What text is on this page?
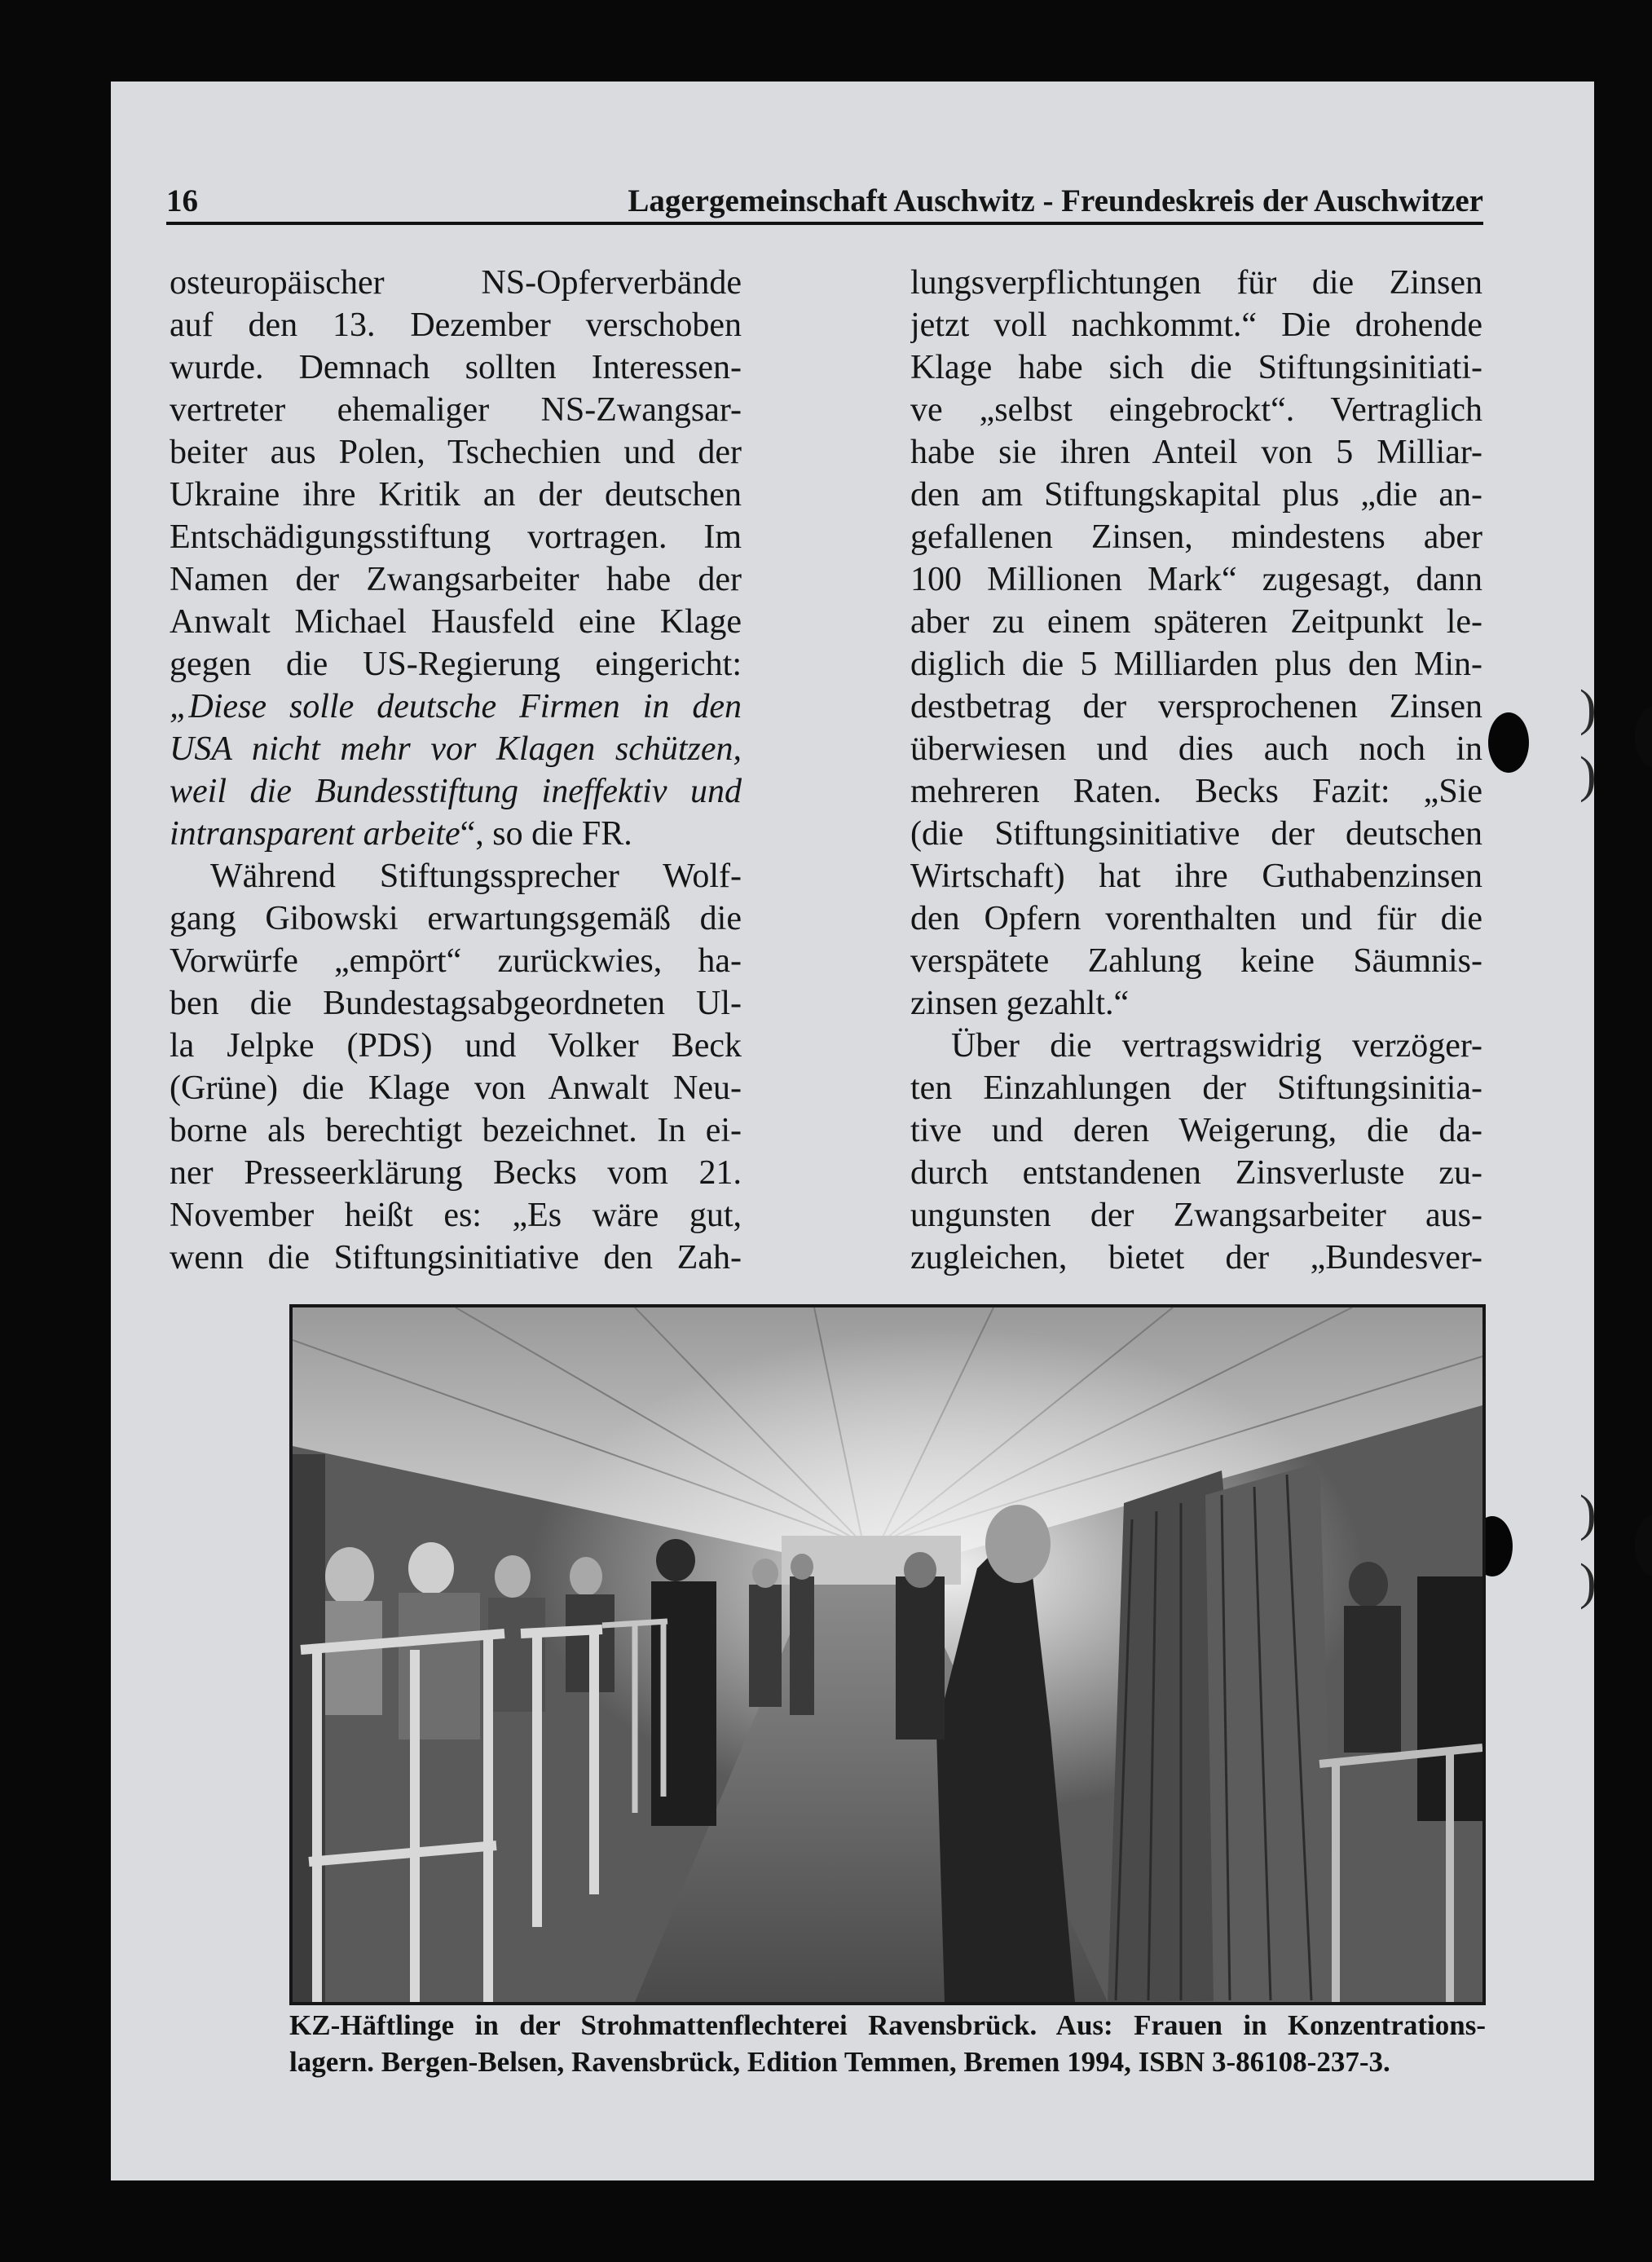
)
)
)
)
16	Lagergemeinschaft Auschwitz - Freundeskreis der Auschwitzer
osteuropäischer NS-Opferverbände
auf den 13. Dezember verschoben
wurde. Demnach sollten Interessen-
vertreter ehemaliger NS-Zwangsar-
beiter aus Polen, Tschechien und der
Ukraine ihre Kritik an der deutschen
Entschädigungsstiftung vortragen. Im
Namen der Zwangsarbeiter habe der
Anwalt Michael Hausfeld eine Klage
gegen die US-Regierung eingericht:
„Diese solle deutsche Firmen in den
USA nicht mehr vor Klagen schützen,
weil die Bundesstiftung ineffektiv und
intransparent arbeite“, so die FR.
Während Stiftungssprecher Wolf-
gang Gibowski erwartungsgemäß die
Vorwürfe „empört“ zurückwies, ha-
ben die Bundestagsabgeordneten Ul-
la Jelpke (PDS) und Volker Beck
(Grüne) die Klage von Anwalt Neu-
borne als berechtigt bezeichnet. In ei-
ner Presseerklärung Becks vom 21.
November heißt es: „Es wäre gut,
wenn die Stiftungsinitiative den Zah-
lungsverpflichtungen für die Zinsen
jetzt voll nachkommt.“ Die drohende
Klage habe sich die Stiftungsinitiati-
ve „selbst eingebrockt“. Vertraglich
habe sie ihren Anteil von 5 Milliar-
den am Stiftungskapital plus „die an-
gefallenen Zinsen, mindestens aber
100 Millionen Mark“ zugesagt, dann
aber zu einem späteren Zeitpunkt le-
diglich die 5 Milliarden plus den Min-
destbetrag der versprochenen Zinsen
überwiesen und dies auch noch in
mehreren Raten. Becks Fazit: „Sie
(die Stiftungsinitiative der deutschen
Wirtschaft) hat ihre Guthabenzinsen
den Opfern vorenthalten und für die
verspätete Zahlung keine Säumnis-
zinsen gezahlt.“
Über die vertragswidrig verzöger-
ten Einzahlungen der Stiftungsinitia-
tive und deren Weigerung, die da-
durch entstandenen Zinsverluste zu-
ungunsten der Zwangsarbeiter aus-
zugleichen, bietet der „Bundesver-
KZ-Häftlinge in der Strohmattenflechterei Ravensbrück. Aus: Frauen in Konzentrations-
lagern. Bergen-Belsen, Ravensbrück, Edition Temmen, Bremen 1994, ISBN 3-86108-237-3.
